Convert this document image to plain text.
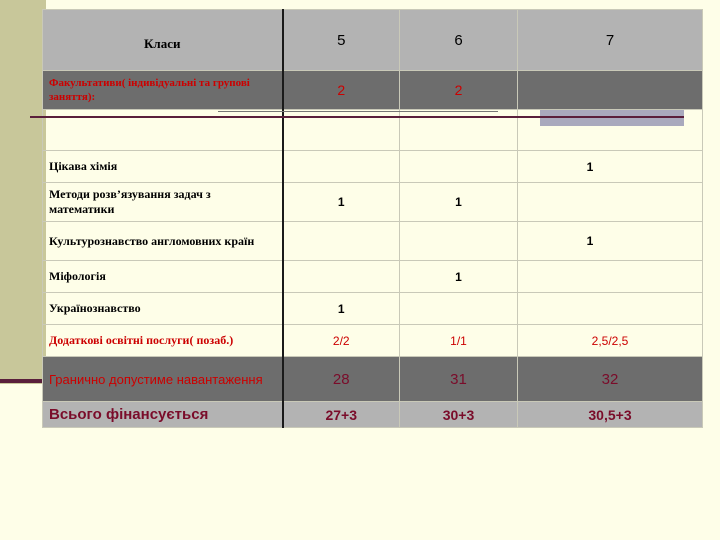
Класи	5	6	7
Факультативи( індивідуальні та групові заняття):	2	2	

Цікава хімія			1
Методи розв’язування задач з математики	1	1	
Культурознавство англомовних країн			1
Міфологія		1	
Українознавство	1		
Додаткові освітні послуги( позаб.)	2/2	1/1	2,5/2,5
Гранично допустиме навантаження	28	31	32
Всього фінансується	27+3	30+3	30,5+3
